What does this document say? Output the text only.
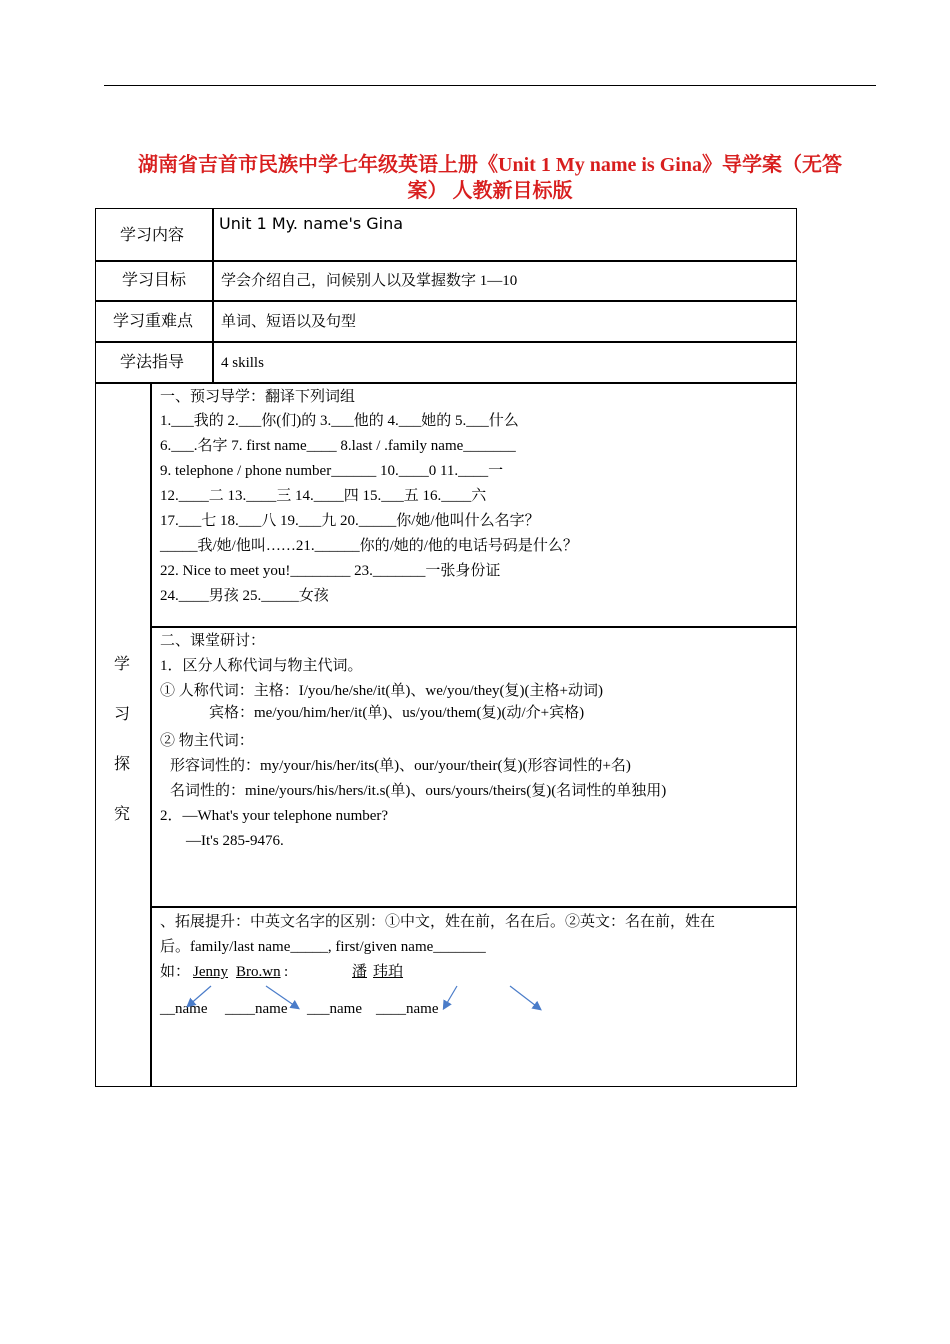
湖南省吉首市民族中学七年级英语上册《Unit 1 My name is Gina》导学案（无答
案） 人教新目标版
学习内容
Unit 1 My. name's Gina
学习目标 学会介绍自己，问候别人以及掌握数字 1—10
学习重难点 单词、短语以及句型
学法指导 4 skills
学
习
探
究
一、预习导学：翻译下列词组
1.___我的 2.___你(们)的 3.___他的 4.___她的 5.___什么
6.___.名字 7. first name____ 8.last / .family name_______
9. telephone / phone number______ 10.____0 11.____一
12.____二 13.____三 14.____四 15.___五 16.____六
17.___七 18.___八 19.___九 20._____你/她/他叫什么名字？
_____我/她/他叫……21.______你的/她的/他的电话号码是什么？
22. Nice to meet you!________ 23._______一张身份证
24.____男孩 25._____女孩
二、课堂研讨：
1．区分人称代词与物主代词。
① 人称代词：主格：I/you/he/she/it(单)、we/you/they(复)(主格+动词)
宾格：me/you/him/her/it(单)、us/you/them(复)(动/介+宾格)
② 物主代词：
形容词性的：my/your/his/her/its(单)、our/your/their(复)(形容词性的+名)
名词性的：mine/yours/his/hers/it.s(单)、ours/yours/theirs(复)(名词性的单独用)
2．—What's your telephone number?
—It's 285-9476.
、拓展提升：中英文名字的区别：①中文，姓在前，名在后。②英文：名在前，姓在
后。family/last name_____, first/given name_______
如： Jenny Bro.wn :	潘 玮珀
__name ____name ___name ____name
